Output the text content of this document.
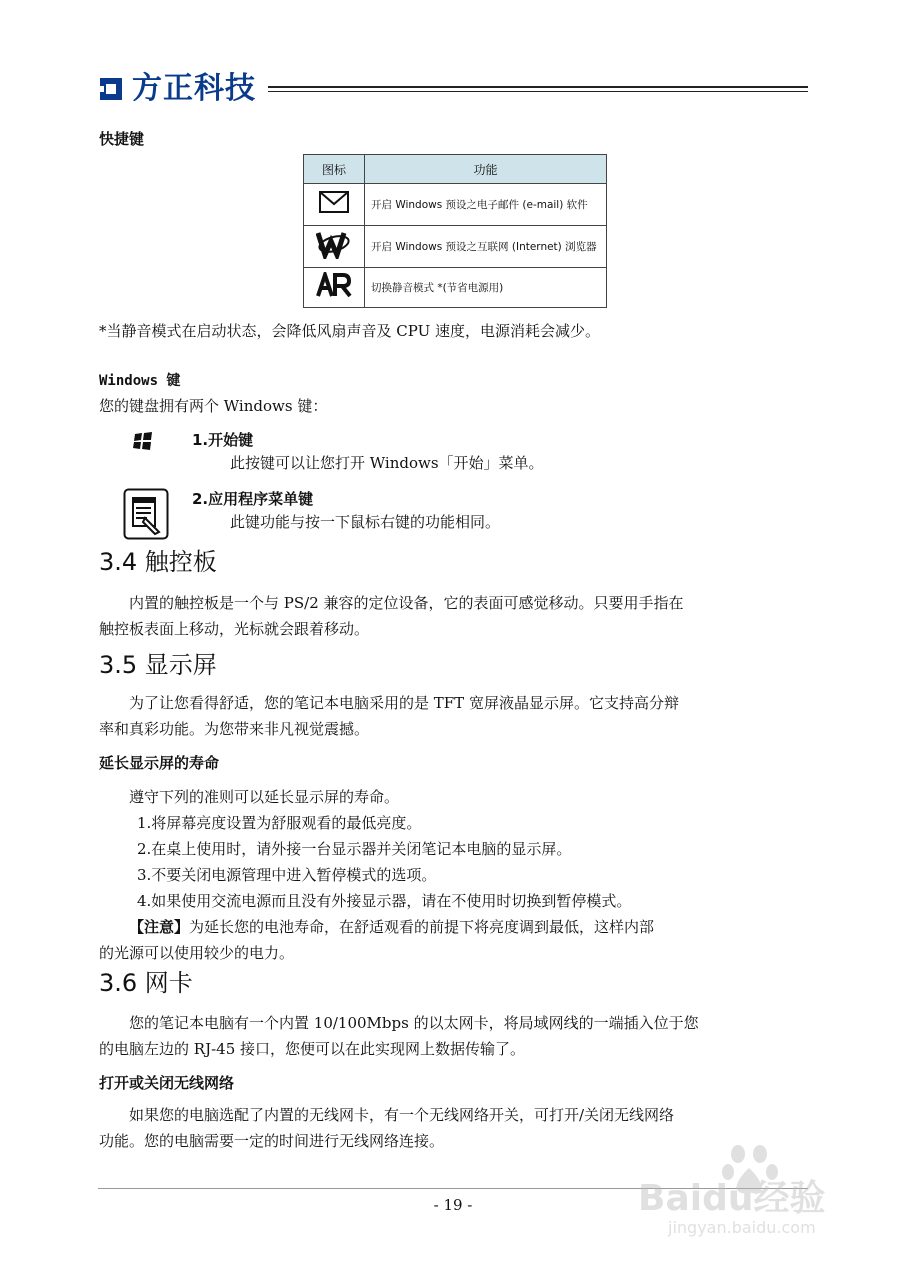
方正科技
快捷键
图标	功能
	开启 Windows 预设之电子邮件 (e-mail) 软件
	开启 Windows 预设之互联网 (Internet) 浏览器
	切换静音模式 *(节省电源用)
*当静音模式在启动状态，会降低风扇声音及 CPU 速度，电源消耗会减少。
Windows 键
您的键盘拥有两个 Windows 键：
1.开始键
此按键可以让您打开 Windows「开始」菜单。
2.应用程序菜单键
此键功能与按一下鼠标右键的功能相同。
3.4 触控板
内置的触控板是一个与 PS/2 兼容的定位设备，它的表面可感觉移动。只要用手指在
触控板表面上移动，光标就会跟着移动。
3.5 显示屏
为了让您看得舒适，您的笔记本电脑采用的是 TFT 宽屏液晶显示屏。它支持高分辩
率和真彩功能。为您带来非凡视觉震撼。
延长显示屏的寿命
遵守下列的准则可以延长显示屏的寿命。
1.将屏幕亮度设置为舒服观看的最低亮度。
2.在桌上使用时，请外接一台显示器并关闭笔记本电脑的显示屏。
3.不要关闭电源管理中进入暂停模式的选项。
4.如果使用交流电源而且没有外接显示器，请在不使用时切换到暂停模式。
【注意】为延长您的电池寿命，在舒适观看的前提下将亮度调到最低，这样内部
的光源可以使用较少的电力。
3.6 网卡
您的笔记本电脑有一个内置 10/100Mbps 的以太网卡，将局域网线的一端插入位于您
的电脑左边的 RJ-45 接口，您便可以在此实现网上数据传输了。
打开或关闭无线网络
如果您的电脑选配了内置的无线网卡，有一个无线网络开关，可打开/关闭无线网络
功能。您的电脑需要一定的时间进行无线网络连接。
- 19 -	Baidu经验
jingyan.baidu.com
